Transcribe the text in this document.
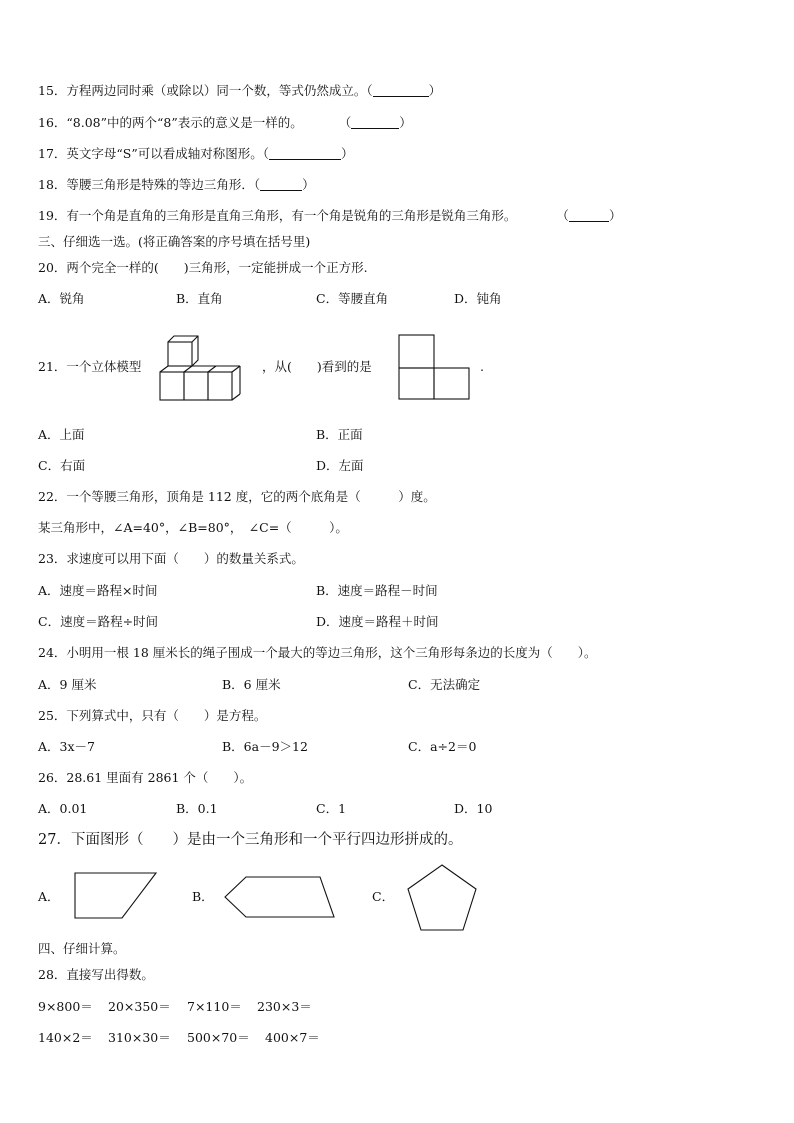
15．方程两边同时乘（或除以）同一个数，等式仍然成立。（	）
16．“8.08”中的两个“8”表示的意义是一样的。	（	）
17．英文字母“S”可以看成轴对称图形。（	）
18．等腰三角形是特殊的等边三角形．（	）
19．有一个角是直角的三角形是直角三角形，有一个角是锐角的三角形是锐角三角形。	（	）
三、仔细选一选。(将正确答案的序号填在括号里)
20．两个完全一样的(　　)三角形，一定能拼成一个正方形.
A．锐角	B．直角	C．等腰直角	D．钝角
21．一个立体模型	，从(　　)看到的是	.
A．上面	B．正面
C．右面	D．左面
22．一个等腰三角形，顶角是 112 度，它的两个底角是（　　　）度。
某三角形中，∠A=40°，∠B=80°，　∠C=（　　　）。
23．求速度可以用下面（　　）的数量关系式。
A．速度＝路程×时间	B．速度＝路程－时间
C．速度＝路程÷时间	D．速度＝路程＋时间
24．小明用一根 18 厘米长的绳子围成一个最大的等边三角形，这个三角形每条边的长度为（　　）。
A．9 厘米	B．6 厘米	C．无法确定
25．下列算式中，只有（　　）是方程。
A．3x－7	B．6a－9＞12	C．a÷2＝0
26．28.61 里面有 2861 个（　　）。
A．0.01	B．0.1	C．1	D．10
27．下面图形（　　）是由一个三角形和一个平行四边形拼成的。
A．	B．	C．
四、仔细计算。
28．直接写出得数。
9×800＝ 20×350＝ 7×110＝ 230×3＝
140×2＝ 310×30＝ 500×70＝ 400×7＝
